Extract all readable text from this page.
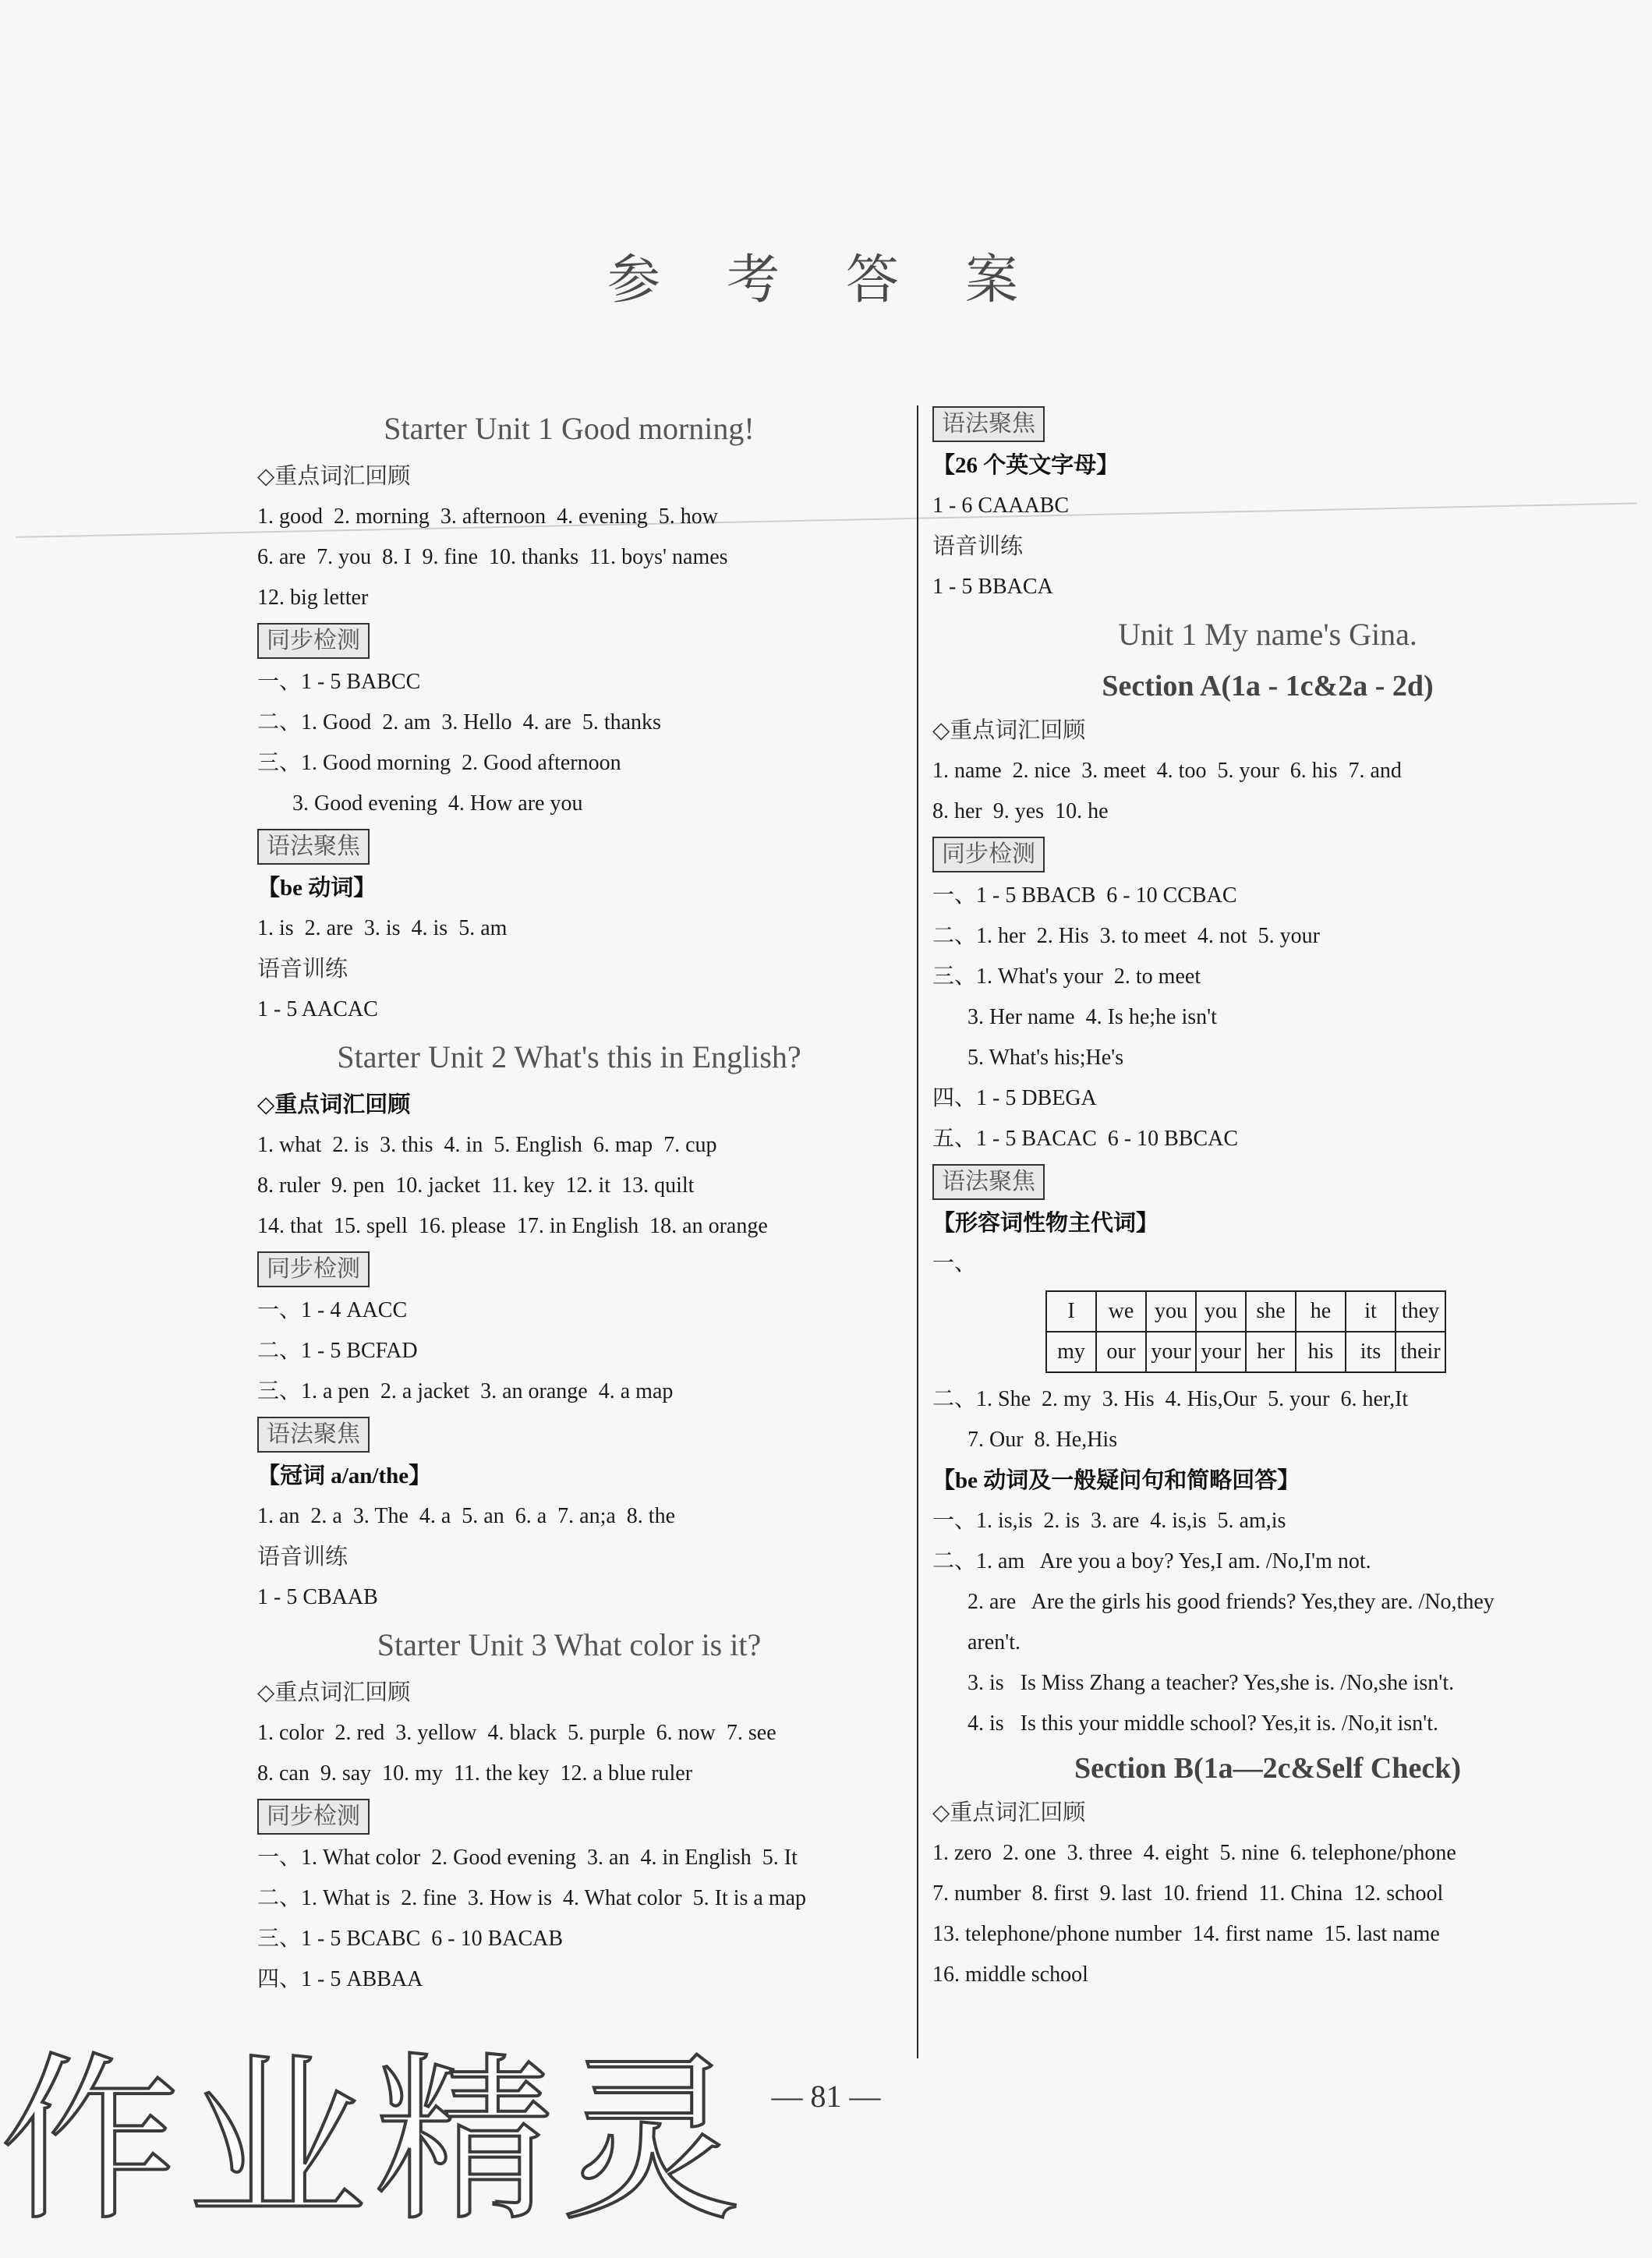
参 考 答 案
Starter Unit 1 Good morning!
◇重点词汇回顾
1. good  2. morning  3. afternoon  4. evening  5. how
6. are  7. you  8. I  9. fine  10. thanks  11. boys' names
12. big letter
同步检测
一、1 - 5 BABCC
二、1. Good  2. am  3. Hello  4. are  5. thanks
三、1. Good morning  2. Good afternoon
3. Good evening  4. How are you
语法聚焦
【be 动词】
1. is  2. are  3. is  4. is  5. am
语音训练
1 - 5 AACAC
Starter Unit 2 What's this in English?
◇重点词汇回顾
1. what  2. is  3. this  4. in  5. English  6. map  7. cup
8. ruler  9. pen  10. jacket  11. key  12. it  13. quilt
14. that  15. spell  16. please  17. in English  18. an orange
同步检测
一、1 - 4 AACC
二、1 - 5 BCFAD
三、1. a pen  2. a jacket  3. an orange  4. a map
语法聚焦
【冠词 a/an/the】
1. an  2. a  3. The  4. a  5. an  6. a  7. an;a  8. the
语音训练
1 - 5 CBAAB
Starter Unit 3 What color is it?
◇重点词汇回顾
1. color  2. red  3. yellow  4. black  5. purple  6. now  7. see
8. can  9. say  10. my  11. the key  12. a blue ruler
同步检测
一、1. What color  2. Good evening  3. an  4. in English  5. It
二、1. What is  2. fine  3. How is  4. What color  5. It is a map
三、1 - 5 BCABC  6 - 10 BACAB
四、1 - 5 ABBAA
语法聚焦
【26 个英文字母】
1 - 6 CAAABC
语音训练
1 - 5 BBACA
Unit 1 My name's Gina.
Section A(1a - 1c&2a - 2d)
◇重点词汇回顾
1. name  2. nice  3. meet  4. too  5. your  6. his  7. and
8. her  9. yes  10. he
同步检测
一、1 - 5 BBACB  6 - 10 CCBAC
二、1. her  2. His  3. to meet  4. not  5. your
三、1. What's your  2. to meet
3. Her name  4. Is he;he isn't
5. What's his;He's
四、1 - 5 DBEGA
五、1 - 5 BACAC  6 - 10 BBCAC
语法聚焦
【形容词性物主代词】
一、
I	we	you	you	she	he	it	they
my	our	your	your	her	his	its	their
二、1. She  2. my  3. His  4. His,Our  5. your  6. her,It
7. Our  8. He,His
【be 动词及一般疑问句和简略回答】
一、1. is,is  2. is  3. are  4. is,is  5. am,is
二、1. am   Are you a boy? Yes,I am. /No,I'm not.
2. are   Are the girls his good friends? Yes,they are. /No,they
aren't.
3. is   Is Miss Zhang a teacher? Yes,she is. /No,she isn't.
4. is   Is this your middle school? Yes,it is. /No,it isn't.
Section B(1a—2c&Self Check)
◇重点词汇回顾
1. zero  2. one  3. three  4. eight  5. nine  6. telephone/phone
7. number  8. first  9. last  10. friend  11. China  12. school
13. telephone/phone number  14. first name  15. last name
16. middle school
— 81 —
作业精灵
